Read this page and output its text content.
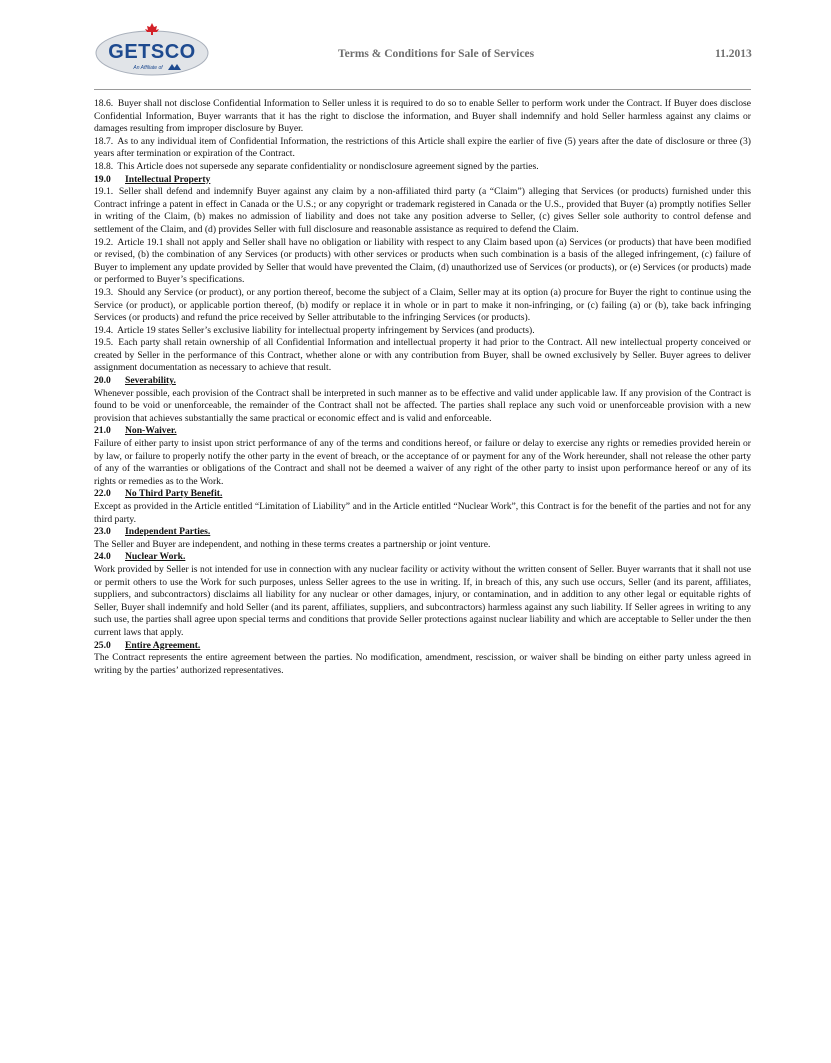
GETSCO
An Affiliate of
Terms & Conditions for Sale of Services	11.2013

18.6. Buyer shall not disclose Confidential Information to Seller unless it is required to do so to enable Seller to perform work under the Contract. If Buyer does disclose Confidential Information, Buyer warrants that it has the right to disclose the information, and Buyer shall indemnify and hold Seller harmless against any claims or damages resulting from improper disclosure by Buyer.

18.7. As to any individual item of Confidential Information, the restrictions of this Article shall expire the earlier of five (5) years after the date of disclosure or three (3) years after termination or expiration of the Contract.

18.8. This Article does not supersede any separate confidentiality or nondisclosure agreement signed by the parties.

19.0 Intellectual Property

19.1. Seller shall defend and indemnify Buyer against any claim by a non-affiliated third party (a “Claim”) alleging that Services (or products) furnished under this Contract infringe a patent in effect in Canada or the U.S.; or any copyright or trademark registered in Canada or the U.S., provided that Buyer (a) promptly notifies Seller in writing of the Claim, (b) makes no admission of liability and does not take any position adverse to Seller, (c) gives Seller sole authority to control defense and settlement of the Claim, and (d) provides Seller with full disclosure and reasonable assistance as required to defend the Claim.

19.2. Article 19.1 shall not apply and Seller shall have no obligation or liability with respect to any Claim based upon (a) Services (or products) that have been modified or revised, (b) the combination of any Services (or products) with other services or products when such combination is a basis of the alleged infringement, (c) failure of Buyer to implement any update provided by Seller that would have prevented the Claim, (d) unauthorized use of Services (or products), or (e) Services (or products) made or performed to Buyer’s specifications.

19.3. Should any Service (or product), or any portion thereof, become the subject of a Claim, Seller may at its option (a) procure for Buyer the right to continue using the Service (or product), or applicable portion thereof, (b) modify or replace it in whole or in part to make it non-infringing, or (c) failing (a) or (b), take back infringing Services (or products) and refund the price received by Seller attributable to the infringing Services (or products).

19.4. Article 19 states Seller’s exclusive liability for intellectual property infringement by Services (and products).

19.5. Each party shall retain ownership of all Confidential Information and intellectual property it had prior to the Contract. All new intellectual property conceived or created by Seller in the performance of this Contract, whether alone or with any contribution from Buyer, shall be owned exclusively by Seller. Buyer agrees to deliver assignment documentation as necessary to achieve that result.

20.0 Severability.

Whenever possible, each provision of the Contract shall be interpreted in such manner as to be effective and valid under applicable law. If any provision of the Contract is found to be void or unenforceable, the remainder of the Contract shall not be affected. The parties shall replace any such void or unenforceable provision with a new provision that achieves substantially the same practical or economic effect and is valid and enforceable.

21.0 Non-Waiver.

Failure of either party to insist upon strict performance of any of the terms and conditions hereof, or failure or delay to exercise any rights or remedies provided herein or by law, or failure to properly notify the other party in the event of breach, or the acceptance of or payment for any of the Work hereunder, shall not release the other party of any of the warranties or obligations of the Contract and shall not be deemed a waiver of any right of the other party to insist upon performance hereof or any of its rights or remedies as to the Work.

22.0 No Third Party Benefit.

Except as provided in the Article entitled “Limitation of Liability” and in the Article entitled “Nuclear Work”, this Contract is for the benefit of the parties and not for any third party.

23.0 Independent Parties.

The Seller and Buyer are independent, and nothing in these terms creates a partnership or joint venture.

24.0 Nuclear Work.

Work provided by Seller is not intended for use in connection with any nuclear facility or activity without the written consent of Seller. Buyer warrants that it shall not use or permit others to use the Work for such purposes, unless Seller agrees to the use in writing. If, in breach of this, any such use occurs, Seller (and its parent, affiliates, suppliers, and subcontractors) disclaims all liability for any nuclear or other damages, injury, or contamination, and in addition to any other legal or equitable rights of Seller, Buyer shall indemnify and hold Seller (and its parent, affiliates, suppliers, and subcontractors) harmless against any such liability. If Seller agrees in writing to any such use, the parties shall agree upon special terms and conditions that provide Seller protections against nuclear liability and which are acceptable to Seller under the then current laws that apply.

25.0 Entire Agreement.

The Contract represents the entire agreement between the parties. No modification, amendment, rescission, or waiver shall be binding on either party unless agreed in writing by the parties’ authorized representatives.
